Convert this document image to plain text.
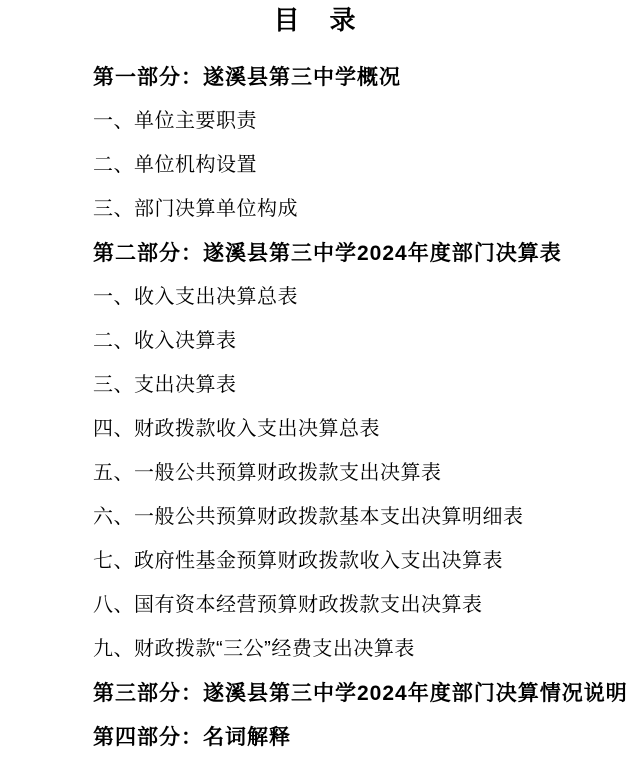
目　录
第一部分：遂溪县第三中学概况
一、单位主要职责
二、单位机构设置
三、部门决算单位构成
第二部分：遂溪县第三中学2024年度部门决算表
一、收入支出决算总表
二、收入决算表
三、支出决算表
四、财政拨款收入支出决算总表
五、一般公共预算财政拨款支出决算表
六、一般公共预算财政拨款基本支出决算明细表
七、政府性基金预算财政拨款收入支出决算表
八、国有资本经营预算财政拨款支出决算表
九、财政拨款“三公”经费支出决算表
第三部分：遂溪县第三中学2024年度部门决算情况说明
第四部分：名词解释
